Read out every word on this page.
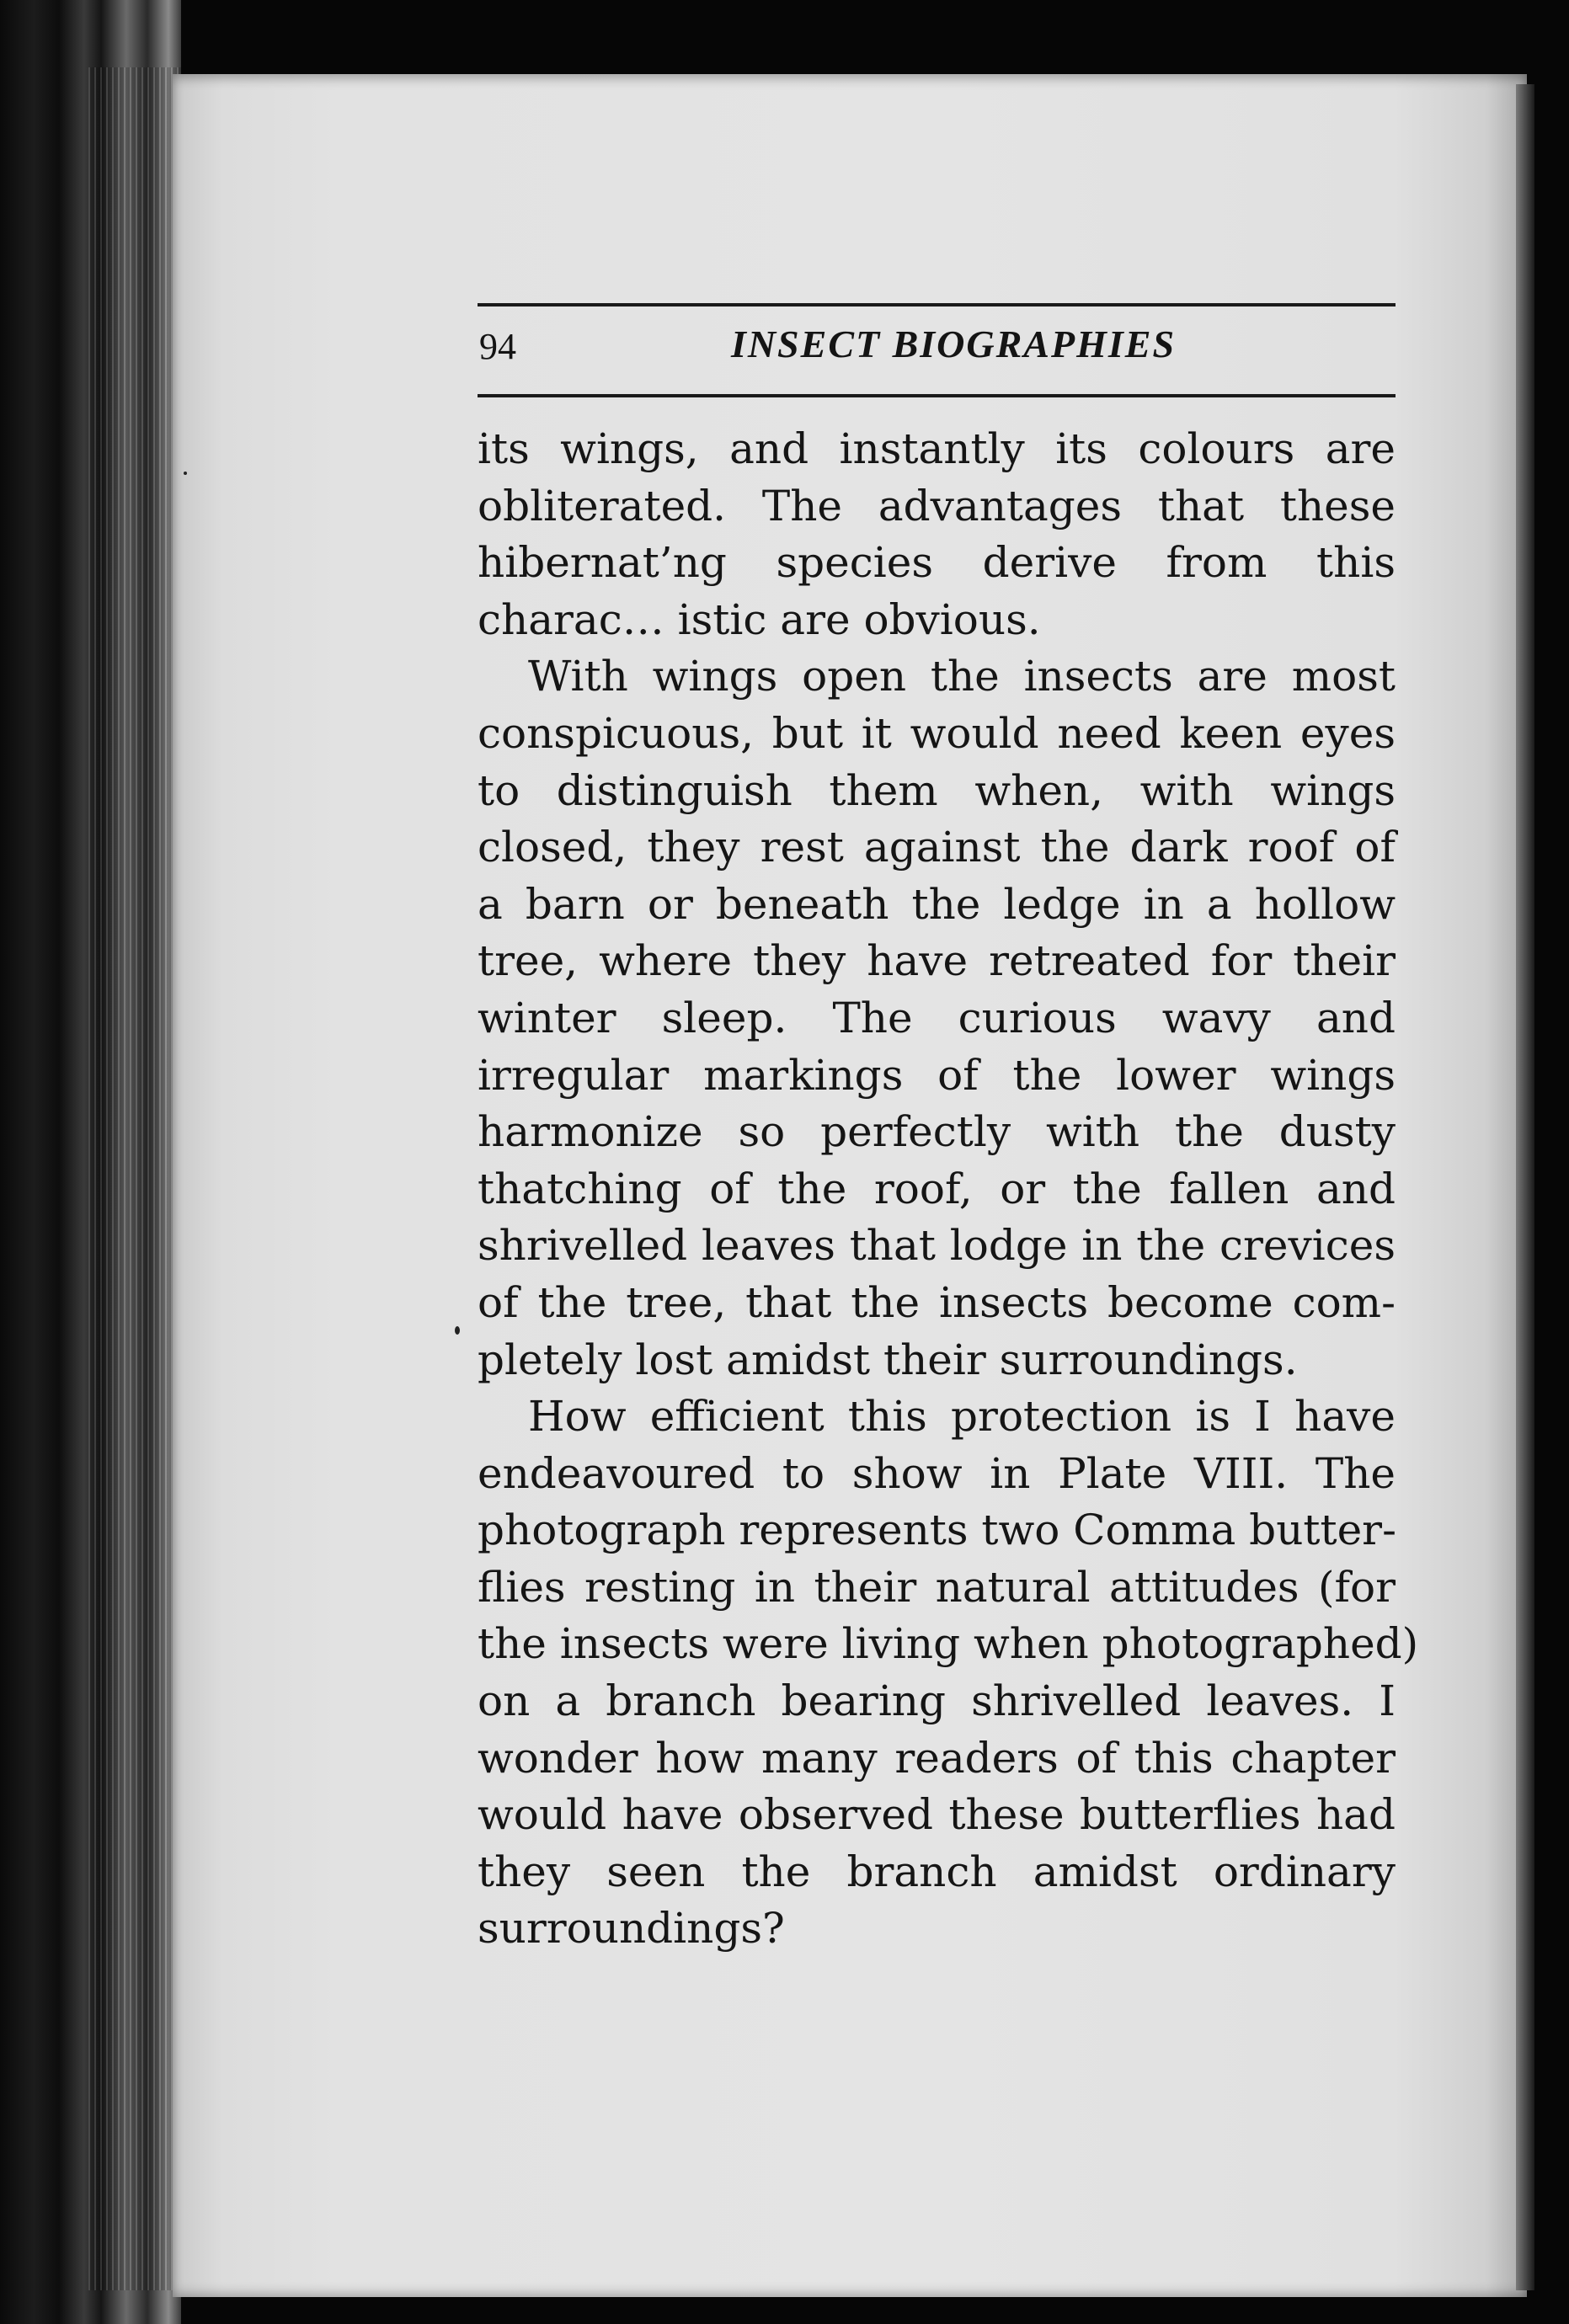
94	INSECT BIOGRAPHIES
its wings, and instantly its colours are
obliterated. The advantages that these
hibernat’ng species derive from this
charac… istic are obvious.
With wings open the insects are most
conspicuous, but it would need keen eyes
to distinguish them when, with wings
closed, they rest against the dark roof of
a barn or beneath the ledge in a hollow
tree, where they have retreated for their
winter sleep. The curious wavy and
irregular markings of the lower wings
harmonize so perfectly with the dusty
thatching of the roof, or the fallen and
shrivelled leaves that lodge in the crevices
of the tree, that the insects become com-
pletely lost amidst their surroundings.
How efficient this protection is I have
endeavoured to show in Plate VIII. The
photograph represents two Comma butter-
flies resting in their natural attitudes (for
the insects were living when photographed)
on a branch bearing shrivelled leaves. I
wonder how many readers of this chapter
would have observed these butterflies had
they seen the branch amidst ordinary
surroundings?
